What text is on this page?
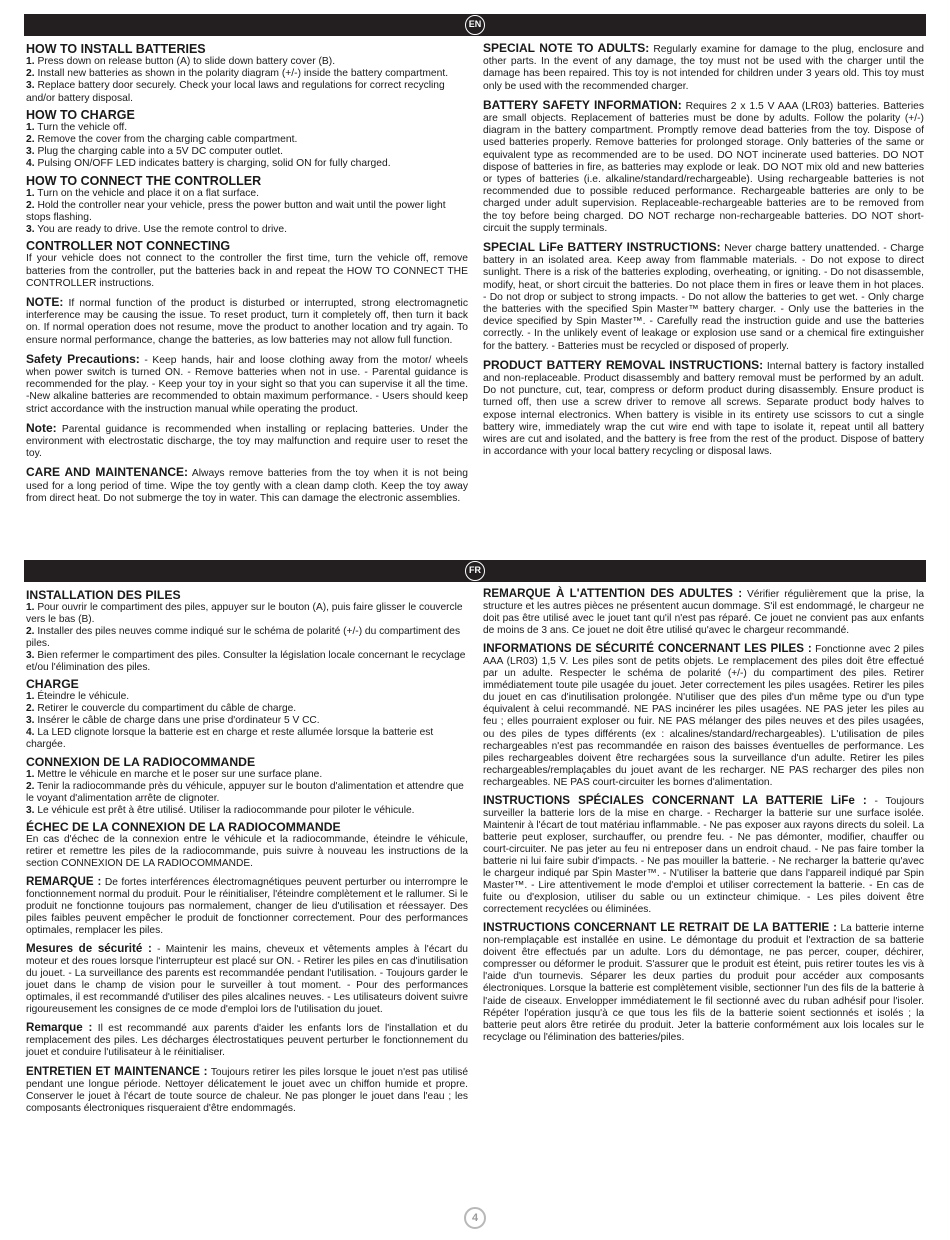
EN
HOW TO INSTALL BATTERIES

1. Press down on release button (A) to slide down battery cover (B).

2. Install new batteries as shown in the polarity diagram (+/-) inside the battery compartment.

3. Replace battery door securely. Check your local laws and regulations for correct recycling and/or battery disposal.

HOW TO CHARGE

1. Turn the vehicle off.

2. Remove the cover from the charging cable compartment.

3. Plug the charging cable into a 5V DC computer outlet.

4. Pulsing ON/OFF LED indicates battery is charging, solid ON for fully charged.

HOW TO CONNECT THE CONTROLLER

1. Turn on the vehicle and place it on a flat surface.

2. Hold the controller near your vehicle, press the power button and wait until the power light stops flashing.

3. You are ready to drive. Use the remote control to drive.

CONTROLLER NOT CONNECTING

If your vehicle does not connect to the controller the first time, turn the vehicle off, remove batteries from the controller, put the batteries back in and repeat the HOW TO CONNECT THE CONTROLLER instructions.

NOTE: If normal function of the product is disturbed or interrupted, strong electromagnetic interference may be causing the issue. To reset product, turn it completely off, then turn it back on. If normal operation does not resume, move the product to another location and try again. To ensure normal performance, change the batteries, as low batteries may not allow full function.

Safety Precautions: - Keep hands, hair and loose clothing away from the motor/ wheels when power switch is turned ON. - Remove batteries when not in use. - Parental guidance is recommended for the play. - Keep your toy in your sight so that you can supervise it all the time. -New alkaline batteries are recommended to obtain maximum performance. - Users should keep strict accordance with the instruction manual while operating the product.

Note: Parental guidance is recommended when installing or replacing batteries. Under the environment with electrostatic discharge, the toy may malfunction and require user to reset the toy.

CARE AND MAINTENANCE: Always remove batteries from the toy when it is not being used for a long period of time. Wipe the toy gently with a clean damp cloth. Keep the toy away from direct heat. Do not submerge the toy in water. This can damage the electronic assemblies.

SPECIAL NOTE TO ADULTS: Regularly examine for damage to the plug, enclosure and other parts. In the event of any damage, the toy must not be used with the charger until the damage has been repaired. This toy is not intended for children under 3 years old. This toy must only be used with the recommended charger.

BATTERY SAFETY INFORMATION: Requires 2 x 1.5 V AAA (LR03) batteries. Batteries are small objects. Replacement of batteries must be done by adults. Follow the polarity (+/-) diagram in the battery compartment. Promptly remove dead batteries from the toy. Dispose of used batteries properly. Remove batteries for prolonged storage. Only batteries of the same or equivalent type as recommended are to be used. DO NOT incinerate used batteries. DO NOT dispose of batteries in fire, as batteries may explode or leak. DO NOT mix old and new batteries or types of batteries (i.e. alkaline/standard/rechargeable). Using rechargeable batteries is not recommended due to possible reduced performance. Rechargeable batteries are only to be charged under adult supervision. Replaceable-rechargeable batteries are to be removed from the toy before being charged. DO NOT recharge non-rechargeable batteries. DO NOT short-circuit the supply terminals.

SPECIAL LiFe BATTERY INSTRUCTIONS: Never charge battery unattended. - Charge battery in an isolated area. Keep away from flammable materials. - Do not expose to direct sunlight. There is a risk of the batteries exploding, overheating, or igniting. - Do not disassemble, modify, heat, or short circuit the batteries. Do not place them in fires or leave them in hot places. - Do not drop or subject to strong impacts. - Do not allow the batteries to get wet. - Only charge the batteries with the specified Spin Master™ battery charger. - Only use the batteries in the device specified by Spin Master™. - Carefully read the instruction guide and use the batteries correctly. - In the unlikely event of leakage or explosion use sand or a chemical fire extinguisher for the battery. - Batteries must be recycled or disposed of properly.

PRODUCT BATTERY REMOVAL INSTRUCTIONS: Internal battery is factory installed and non-replaceable. Product disassembly and battery removal must be performed by an adult. Do not puncture, cut, tear, compress or deform product during disassembly. Ensure product is turned off, then use a screw driver to remove all screws. Separate product body halves to expose internal electronics. When battery is visible in its entirety use scissors to cut a single battery wire, immediately wrap the cut wire end with tape to isolate it, repeat until all battery wires are cut and isolated, and the battery is free from the rest of the product. Dispose of battery in accordance with your local battery recycling or disposal laws.

FR
INSTALLATION DES PILES

1. Pour ouvrir le compartiment des piles, appuyer sur le bouton (A), puis faire glisser le couvercle vers le bas (B).

2. Installer des piles neuves comme indiqué sur le schéma de polarité (+/-) du compartiment des piles.

3. Bien refermer le compartiment des piles. Consulter la législation locale concernant le recyclage et/ou l'élimination des piles.

CHARGE

1. Éteindre le véhicule.

2. Retirer le couvercle du compartiment du câble de charge.

3. Insérer le câble de charge dans une prise d'ordinateur 5 V CC.

4. La LED clignote lorsque la batterie est en charge et reste allumée lorsque la batterie est chargée.

CONNEXION DE LA RADIOCOMMANDE

1. Mettre le véhicule en marche et le poser sur une surface plane.

2. Tenir la radiocommande près du véhicule, appuyer sur le bouton d'alimentation et attendre que le voyant d'alimentation arrête de clignoter.

3. Le véhicule est prêt à être utilisé. Utiliser la radiocommande pour piloter le véhicule.

ÉCHEC DE LA CONNEXION DE LA RADIOCOMMANDE

En cas d'échec de la connexion entre le véhicule et la radiocommande, éteindre le véhicule, retirer et remettre les piles de la radiocommande, puis suivre à nouveau les instructions de la section CONNEXION DE LA RADIOCOMMANDE.

REMARQUE : De fortes interférences électromagnétiques peuvent perturber ou interrompre le fonctionnement normal du produit. Pour le réinitialiser, l'éteindre complètement et le rallumer. Si le produit ne fonctionne toujours pas normalement, changer de lieu d'utilisation et réessayer. Des piles faibles peuvent empêcher le produit de fonctionner correctement. Pour des performances optimales, remplacer les piles.

Mesures de sécurité : - Maintenir les mains, cheveux et vêtements amples à l'écart du moteur et des roues lorsque l'interrupteur est placé sur ON. - Retirer les piles en cas d'inutilisation du jouet. - La surveillance des parents est recommandée pendant l'utilisation. - Toujours garder le jouet dans le champ de vision pour le surveiller à tout moment. - Pour des performances optimales, il est recommandé d'utiliser des piles alcalines neuves. - Les utilisateurs doivent suivre rigoureusement les consignes de ce mode d'emploi lors de l'utilisation du jouet.

Remarque : Il est recommandé aux parents d'aider les enfants lors de l'installation et du remplacement des piles. Les décharges électrostatiques peuvent perturber le fonctionnement du jouet et conduire l'utilisateur à le réinitialiser.

ENTRETIEN ET MAINTENANCE : Toujours retirer les piles lorsque le jouet n'est pas utilisé pendant une longue période. Nettoyer délicatement le jouet avec un chiffon humide et propre. Conserver le jouet à l'écart de toute source de chaleur. Ne pas plonger le jouet dans l'eau ; les composants électroniques risqueraient d'être endommagés.

REMARQUE À L'ATTENTION DES ADULTES : Vérifier régulièrement que la prise, la structure et les autres pièces ne présentent aucun dommage. S'il est endommagé, le chargeur ne doit pas être utilisé avec le jouet tant qu'il n'est pas réparé. Ce jouet ne convient pas aux enfants de moins de 3 ans. Ce jouet ne doit être utilisé qu'avec le chargeur recommandé.

INFORMATIONS DE SÉCURITÉ CONCERNANT LES PILES : Fonctionne avec 2 piles AAA (LR03) 1,5 V. Les piles sont de petits objets. Le remplacement des piles doit être effectué par un adulte. Respecter le schéma de polarité (+/-) du compartiment des piles. Retirer immédiatement toute pile usagée du jouet. Jeter correctement les piles usagées. Retirer les piles du jouet en cas d'inutilisation prolongée. N'utiliser que des piles d'un même type ou d'un type équivalent à celui recommandé. NE PAS incinérer les piles usagées. NE PAS jeter les piles au feu ; elles pourraient exploser ou fuir. NE PAS mélanger des piles neuves et des piles usagées, ou des piles de types différents (ex : alcalines/standard/rechargeables). L'utilisation de piles rechargeables n'est pas recommandée en raison des baisses éventuelles de performance. Les piles rechargeables doivent être rechargées sous la surveillance d'un adulte. Retirer les piles rechargeables/remplaçables du jouet avant de les recharger. NE PAS recharger des piles non rechargeables. NE PAS court-circuiter les bornes d'alimentation.

INSTRUCTIONS SPÉCIALES CONCERNANT LA BATTERIE LiFe : - Toujours surveiller la batterie lors de la mise en charge. - Recharger la batterie sur une surface isolée. Maintenir à l'écart de tout matériau inflammable. - Ne pas exposer aux rayons directs du soleil. La batterie peut exploser, surchauffer, ou prendre feu. - Ne pas démonter, modifier, chauffer ou court-circuiter. Ne pas jeter au feu ni entreposer dans un endroit chaud. - Ne pas faire tomber la batterie ni lui faire subir d'impacts. - Ne pas mouiller la batterie. - Ne recharger la batterie qu'avec le chargeur indiqué par Spin Master™. - N'utiliser la batterie que dans l'appareil indiqué par Spin Master™. - Lire attentivement le mode d'emploi et utiliser correctement la batterie. - En cas de fuite ou d'explosion, utiliser du sable ou un extincteur chimique. - Les piles doivent être correctement recyclées ou éliminées.

INSTRUCTIONS CONCERNANT LE RETRAIT DE LA BATTERIE : La batterie interne non-remplaçable est installée en usine. Le démontage du produit et l'extraction de sa batterie doivent être effectués par un adulte. Lors du démontage, ne pas percer, couper, déchirer, compresser ou déformer le produit. S'assurer que le produit est éteint, puis retirer toutes les vis à l'aide d'un tournevis. Séparer les deux parties du produit pour accéder aux composants électroniques. Lorsque la batterie est complètement visible, sectionner l'un des fils de la batterie à l'aide de ciseaux. Envelopper immédiatement le fil sectionné avec du ruban adhésif pour l'isoler. Répéter l'opération jusqu'à ce que tous les fils de la batterie soient sectionnés et isolés ; la batterie peut alors être retirée du produit. Jeter la batterie conformément aux lois locales sur le recyclage ou l'élimination des batteries/piles.

4
